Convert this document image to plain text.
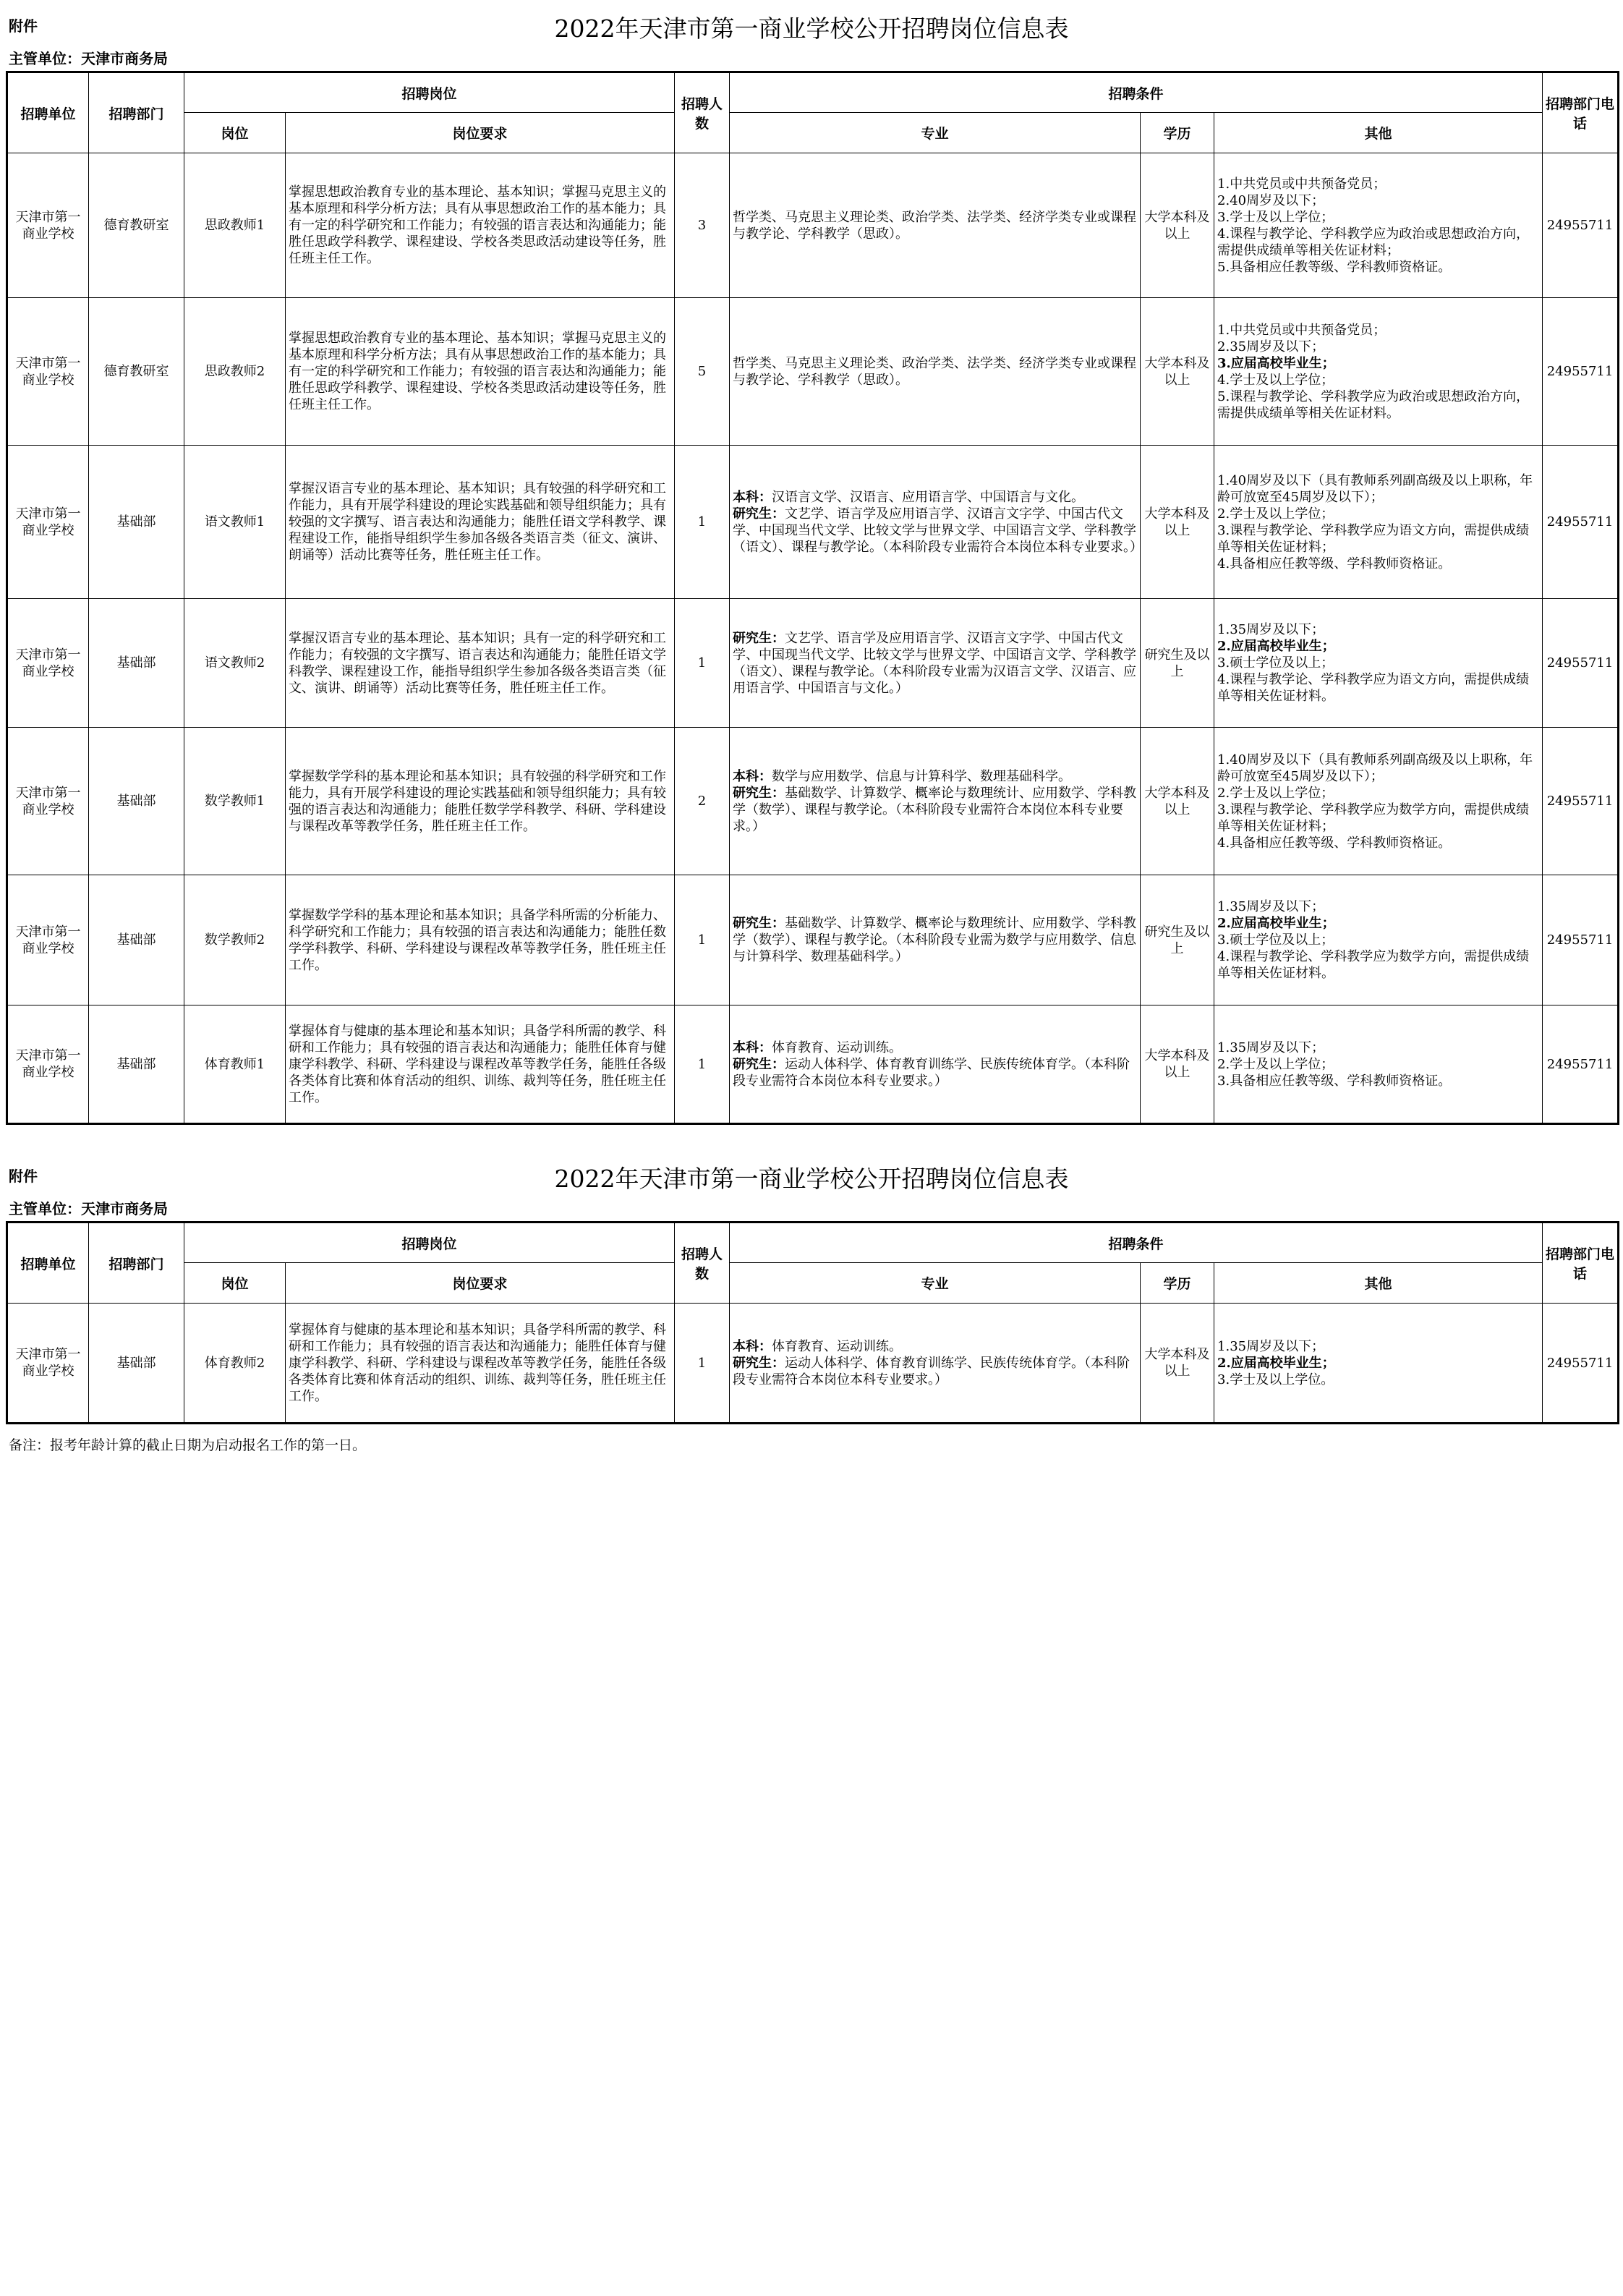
附件	2022年天津市第一商业学校公开招聘岗位信息表
主管单位：天津市商务局
招聘单位	招聘部门	招聘岗位		招聘人数	招聘条件			招聘部门电话
		岗位	岗位要求		专业	学历	其他	
天津市第一商业学校	德育教研室	思政教师1	掌握思想政治教育专业的基本理论、基本知识；掌握马克思主义的基本原理和科学分析方法；具有从事思想政治工作的基本能力；具有一定的科学研究和工作能力；有较强的语言表达和沟通能力；能胜任思政学科教学、课程建设、学校各类思政活动建设等任务，胜任班主任工作。	3	哲学类、马克思主义理论类、政治学类、法学类、经济学类专业或课程与教学论、学科教学（思政）。	大学本科及以上	1.中共党员或中共预备党员；
2.40周岁及以下；
3.学士及以上学位；
4.课程与教学论、学科教学应为政治或思想政治方向，需提供成绩单等相关佐证材料；
5.具备相应任教等级、学科教师资格证。	24955711
天津市第一商业学校	德育教研室	思政教师2	掌握思想政治教育专业的基本理论、基本知识；掌握马克思主义的基本原理和科学分析方法；具有从事思想政治工作的基本能力；具有一定的科学研究和工作能力；有较强的语言表达和沟通能力；能胜任思政学科教学、课程建设、学校各类思政活动建设等任务，胜任班主任工作。	5	哲学类、马克思主义理论类、政治学类、法学类、经济学类专业或课程与教学论、学科教学（思政）。	大学本科及以上	1.中共党员或中共预备党员；
2.35周岁及以下；
3.应届高校毕业生；
4.学士及以上学位；
5.课程与教学论、学科教学应为政治或思想政治方向，需提供成绩单等相关佐证材料。	24955711
天津市第一商业学校	基础部	语文教师1	掌握汉语言专业的基本理论、基本知识；具有较强的科学研究和工作能力，具有开展学科建设的理论实践基础和领导组织能力；具有较强的文字撰写、语言表达和沟通能力；能胜任语文学科教学、课程建设工作，能指导组织学生参加各级各类语言类（征文、演讲、朗诵等）活动比赛等任务，胜任班主任工作。	1	本科：汉语言文学、汉语言、应用语言学、中国语言与文化。
研究生：文艺学、语言学及应用语言学、汉语言文字学、中国古代文学、中国现当代文学、比较文学与世界文学、中国语言文学、学科教学（语文）、课程与教学论。（本科阶段专业需符合本岗位本科专业要求。）	大学本科及以上	1.40周岁及以下（具有教师系列副高级及以上职称，年龄可放宽至45周岁及以下）；
2.学士及以上学位；
3.课程与教学论、学科教学应为语文方向，需提供成绩单等相关佐证材料；
4.具备相应任教等级、学科教师资格证。	24955711
天津市第一商业学校	基础部	语文教师2	掌握汉语言专业的基本理论、基本知识；具有一定的科学研究和工作能力；有较强的文字撰写、语言表达和沟通能力；能胜任语文学科教学、课程建设工作，能指导组织学生参加各级各类语言类（征文、演讲、朗诵等）活动比赛等任务，胜任班主任工作。	1	研究生：文艺学、语言学及应用语言学、汉语言文字学、中国古代文学、中国现当代文学、比较文学与世界文学、中国语言文学、学科教学（语文）、课程与教学论。（本科阶段专业需为汉语言文学、汉语言、应用语言学、中国语言与文化。）	研究生及以上	1.35周岁及以下；
2.应届高校毕业生；
3.硕士学位及以上；
4.课程与教学论、学科教学应为语文方向，需提供成绩单等相关佐证材料。	24955711
天津市第一商业学校	基础部	数学教师1	掌握数学学科的基本理论和基本知识；具有较强的科学研究和工作能力，具有开展学科建设的理论实践基础和领导组织能力；具有较强的语言表达和沟通能力；能胜任数学学科教学、科研、学科建设与课程改革等教学任务，胜任班主任工作。	2	本科：数学与应用数学、信息与计算科学、数理基础科学。
研究生：基础数学、计算数学、概率论与数理统计、应用数学、学科教学（数学）、课程与教学论。（本科阶段专业需符合本岗位本科专业要求。）	大学本科及以上	1.40周岁及以下（具有教师系列副高级及以上职称，年龄可放宽至45周岁及以下）；
2.学士及以上学位；
3.课程与教学论、学科教学应为数学方向，需提供成绩单等相关佐证材料；
4.具备相应任教等级、学科教师资格证。	24955711
天津市第一商业学校	基础部	数学教师2	掌握数学学科的基本理论和基本知识；具备学科所需的分析能力、科学研究和工作能力；具有较强的语言表达和沟通能力；能胜任数学学科教学、科研、学科建设与课程改革等教学任务，胜任班主任工作。	1	研究生：基础数学、计算数学、概率论与数理统计、应用数学、学科教学（数学）、课程与教学论。（本科阶段专业需为数学与应用数学、信息与计算科学、数理基础科学。）	研究生及以上	1.35周岁及以下；
2.应届高校毕业生；
3.硕士学位及以上；
4.课程与教学论、学科教学应为数学方向，需提供成绩单等相关佐证材料。	24955711
天津市第一商业学校	基础部	体育教师1	掌握体育与健康的基本理论和基本知识；具备学科所需的教学、科研和工作能力；具有较强的语言表达和沟通能力；能胜任体育与健康学科教学、科研、学科建设与课程改革等教学任务，能胜任各级各类体育比赛和体育活动的组织、训练、裁判等任务，胜任班主任工作。	1	本科：体育教育、运动训练。
研究生：运动人体科学、体育教育训练学、民族传统体育学。（本科阶段专业需符合本岗位本科专业要求。）	大学本科及以上	1.35周岁及以下；
2.学士及以上学位；
3.具备相应任教等级、学科教师资格证。	24955711
附件	2022年天津市第一商业学校公开招聘岗位信息表
主管单位：天津市商务局
招聘单位	招聘部门	招聘岗位		招聘人数	招聘条件			招聘部门电话
		岗位	岗位要求		专业	学历	其他	
天津市第一商业学校	基础部	体育教师2	掌握体育与健康的基本理论和基本知识；具备学科所需的教学、科研和工作能力；具有较强的语言表达和沟通能力；能胜任体育与健康学科教学、科研、学科建设与课程改革等教学任务，能胜任各级各类体育比赛和体育活动的组织、训练、裁判等任务，胜任班主任工作。	1	本科：体育教育、运动训练。
研究生：运动人体科学、体育教育训练学、民族传统体育学。（本科阶段专业需符合本岗位本科专业要求。）	大学本科及以上	1.35周岁及以下；
2.应届高校毕业生；
3.学士及以上学位。	24955711
备注：报考年龄计算的截止日期为启动报名工作的第一日。
